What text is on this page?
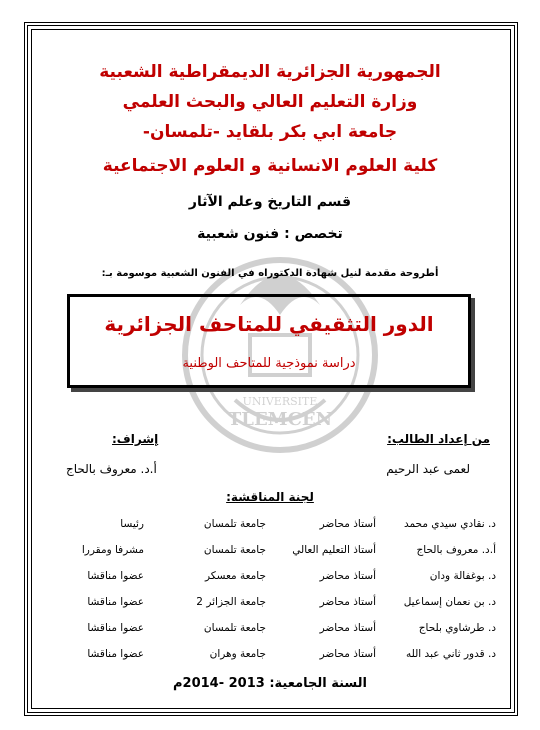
TLEMCEN
UNIVERSITE
الجمهورية الجزائرية الديمقراطية الشعبية
وزارة التعليم العالي والبحث العلمي
جامعة ابي بكر بلقايد -تلمسان-
كلية العلوم الانسانية و العلوم الاجتماعية
قسم التاريخ وعلم الآثار
تخصص : فنون شعبية
أطروحة مقدمة لنيل شهادة الدكتوراه في الفنون الشعبية موسومة بـ:
الدور التثقيفي للمتاحف الجزائرية
دراسة نموذجية للمتاحف الوطنية
من إعداد الطالب:
لعمى عبد الرحيم
إشراف:
أ.د. معروف بالحاج
لجنة المناقشة:
د. نقادي سيدي محمد
أستاذ محاضر
جامعة تلمسان
رئيسا
أ.د. معروف بالحاج
أستاذ التعليم العالي
جامعة تلمسان
مشرفا ومقررا
د. بوغفالة ودان
أستاذ محاضر
جامعة معسكر
عضوا مناقشا
د. بن نعمان إسماعيل
أستاذ محاضر
جامعة الجزائر 2
عضوا مناقشا
د. طرشاوي بلحاج
أستاذ محاضر
جامعة تلمسان
عضوا مناقشا
د. قدور ثاني عبد الله
أستاذ محاضر
جامعة وهران
عضوا مناقشا
السنة الجامعية: 2013 -2014م
